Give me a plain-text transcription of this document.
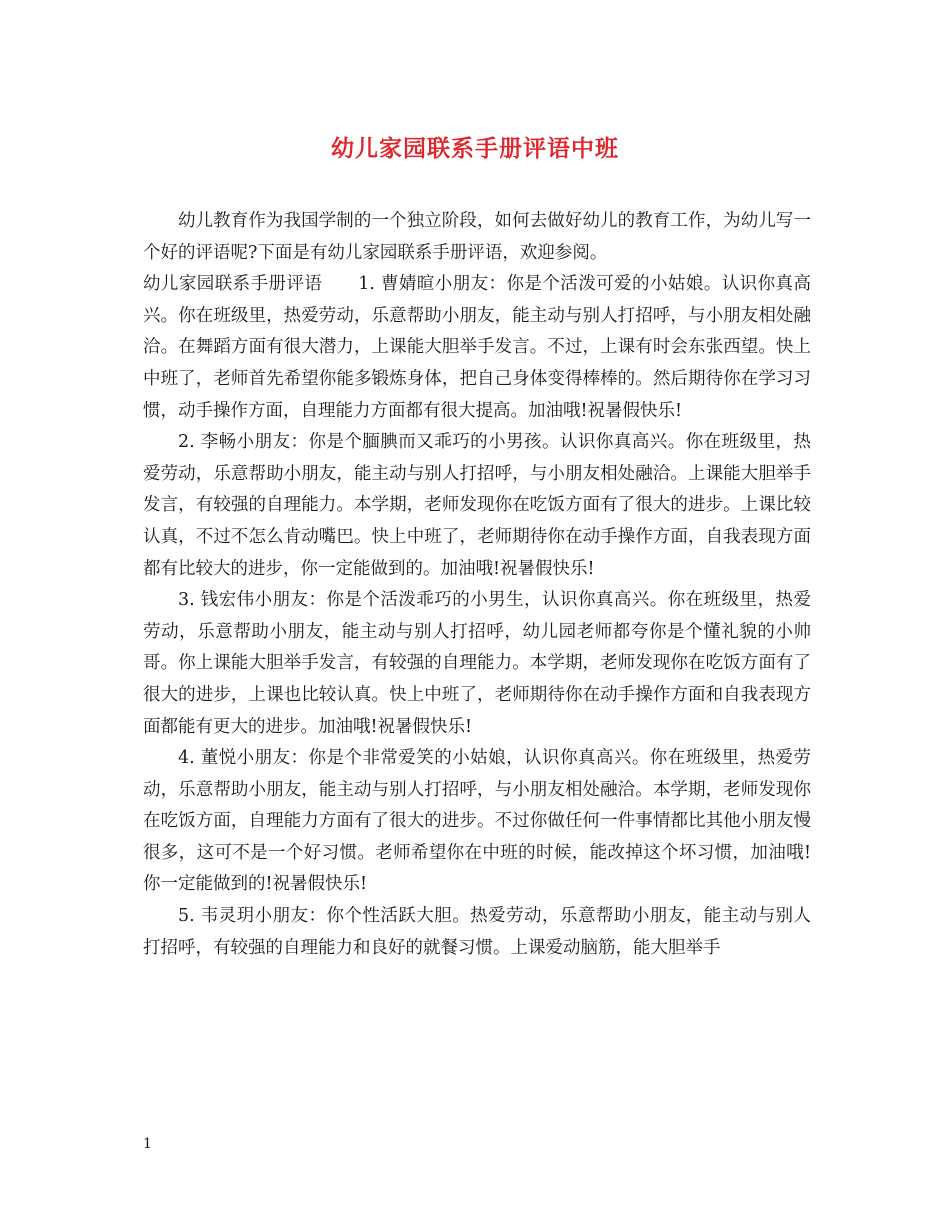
幼儿家园联系手册评语中班

幼儿教育作为我国学制的一个独立阶段，如何去做好幼儿的教育工作，为幼儿写一个好的评语呢?下面是有幼儿家园联系手册评语，欢迎参阅。

幼儿家园联系手册评语　　1. 曹婧暄小朋友：你是个活泼可爱的小姑娘。认识你真高兴。你在班级里，热爱劳动，乐意帮助小朋友，能主动与别人打招呼，与小朋友相处融洽。在舞蹈方面有很大潜力，上课能大胆举手发言。不过，上课有时会东张西望。快上中班了，老师首先希望你能多锻炼身体，把自己身体变得棒棒的。然后期待你在学习习惯，动手操作方面，自理能力方面都有很大提高。加油哦!祝暑假快乐!

2. 李畅小朋友：你是个腼腆而又乖巧的小男孩。认识你真高兴。你在班级里，热爱劳动，乐意帮助小朋友，能主动与别人打招呼，与小朋友相处融洽。上课能大胆举手发言，有较强的自理能力。本学期，老师发现你在吃饭方面有了很大的进步。上课比较认真，不过不怎么肯动嘴巴。快上中班了，老师期待你在动手操作方面，自我表现方面都有比较大的进步，你一定能做到的。加油哦!祝暑假快乐!

3. 钱宏伟小朋友：你是个活泼乖巧的小男生，认识你真高兴。你在班级里，热爱劳动，乐意帮助小朋友，能主动与别人打招呼，幼儿园老师都夸你是个懂礼貌的小帅哥。你上课能大胆举手发言，有较强的自理能力。本学期，老师发现你在吃饭方面有了很大的进步，上课也比较认真。快上中班了，老师期待你在动手操作方面和自我表现方面都能有更大的进步。加油哦!祝暑假快乐!

4. 董悦小朋友：你是个非常爱笑的小姑娘，认识你真高兴。你在班级里，热爱劳动，乐意帮助小朋友，能主动与别人打招呼，与小朋友相处融洽。本学期，老师发现你在吃饭方面，自理能力方面有了很大的进步。不过你做任何一件事情都比其他小朋友慢很多，这可不是一个好习惯。老师希望你在中班的时候，能改掉这个坏习惯，加油哦!你一定能做到的!祝暑假快乐!

5. 韦灵玥小朋友：你个性活跃大胆。热爱劳动，乐意帮助小朋友，能主动与别人打招呼，有较强的自理能力和良好的就餐习惯。上课爱动脑筋，能大胆举手

1
